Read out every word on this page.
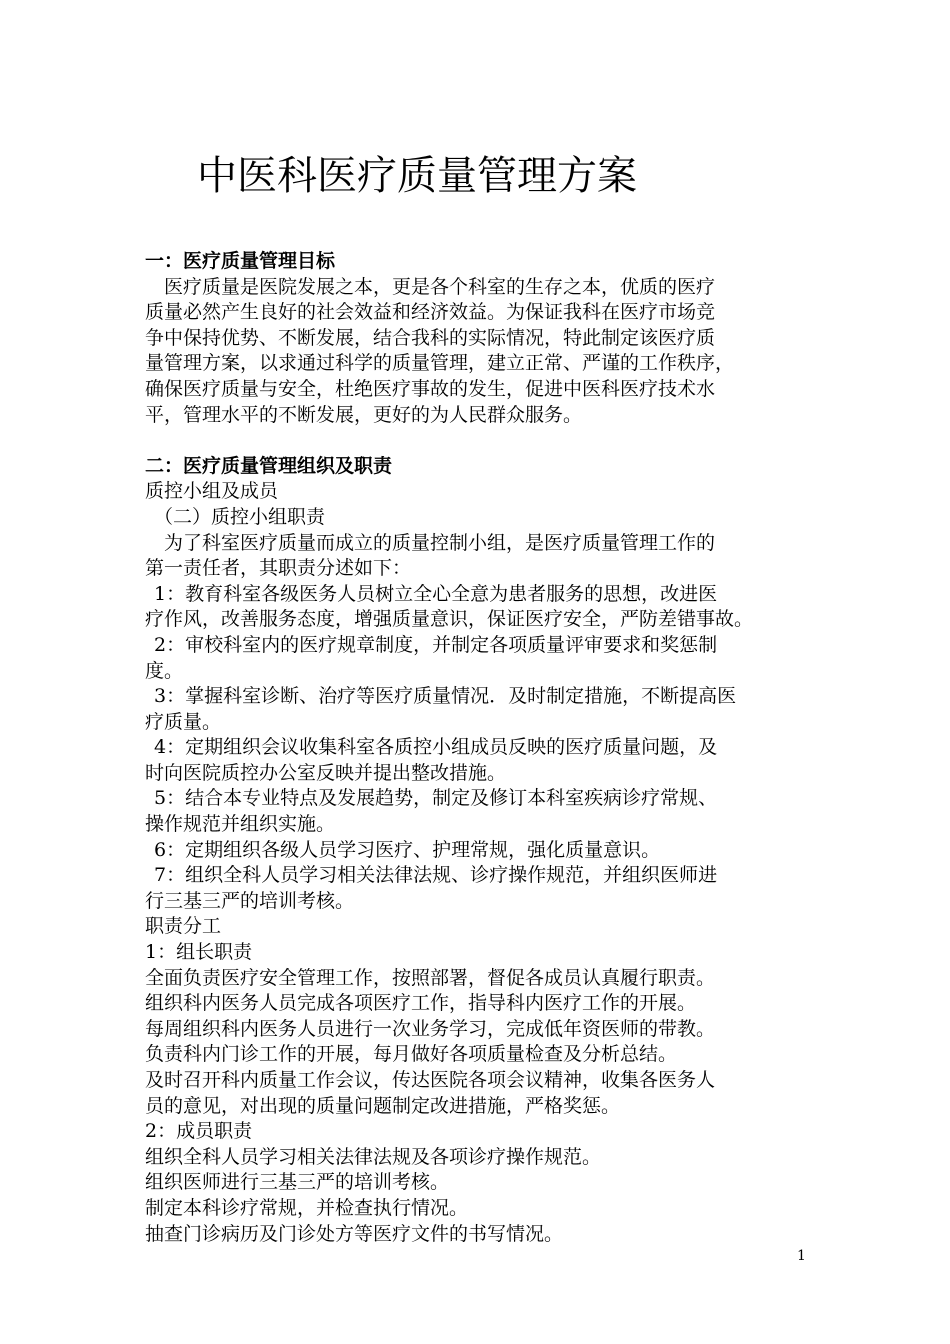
中医科医疗质量管理方案

一：医疗质量管理目标

医疗质量是医院发展之本，更是各个科室的生存之本，优质的医疗

质量必然产生良好的社会效益和经济效益。为保证我科在医疗市场竞

争中保持优势、不断发展，结合我科的实际情况，特此制定该医疗质

量管理方案，以求通过科学的质量管理，建立正常、严谨的工作秩序，

确保医疗质量与安全，杜绝医疗事故的发生，促进中医科医疗技术水

平，管理水平的不断发展，更好的为人民群众服务。

二：医疗质量管理组织及职责

质控小组及成员

（二）质控小组职责

为了科室医疗质量而成立的质量控制小组，是医疗质量管理工作的

第一责任者，其职责分述如下：

1：教育科室各级医务人员树立全心全意为患者服务的思想，改进医

疗作风，改善服务态度，增强质量意识，保证医疗安全，严防差错事故。

2：审校科室内的医疗规章制度，并制定各项质量评审要求和奖惩制

度。

3：掌握科室诊断、治疗等医疗质量情况．及时制定措施，不断提高医

疗质量。

4：定期组织会议收集科室各质控小组成员反映的医疗质量问题，及

时向医院质控办公室反映并提出整改措施。

5：结合本专业特点及发展趋势，制定及修订本科室疾病诊疗常规、

操作规范并组织实施。

6：定期组织各级人员学习医疗、护理常规，强化质量意识。

7：组织全科人员学习相关法律法规、诊疗操作规范，并组织医师进

行三基三严的培训考核。

职责分工

1：组长职责

全面负责医疗安全管理工作，按照部署，督促各成员认真履行职责。

组织科内医务人员完成各项医疗工作，指导科内医疗工作的开展。

每周组织科内医务人员进行一次业务学习，完成低年资医师的带教。

负责科内门诊工作的开展，每月做好各项质量检查及分析总结。

及时召开科内质量工作会议，传达医院各项会议精神，收集各医务人

员的意见，对出现的质量问题制定改进措施，严格奖惩。

2：成员职责

组织全科人员学习相关法律法规及各项诊疗操作规范。

组织医师进行三基三严的培训考核。

制定本科诊疗常规，并检查执行情况。

抽查门诊病历及门诊处方等医疗文件的书写情况。

1
